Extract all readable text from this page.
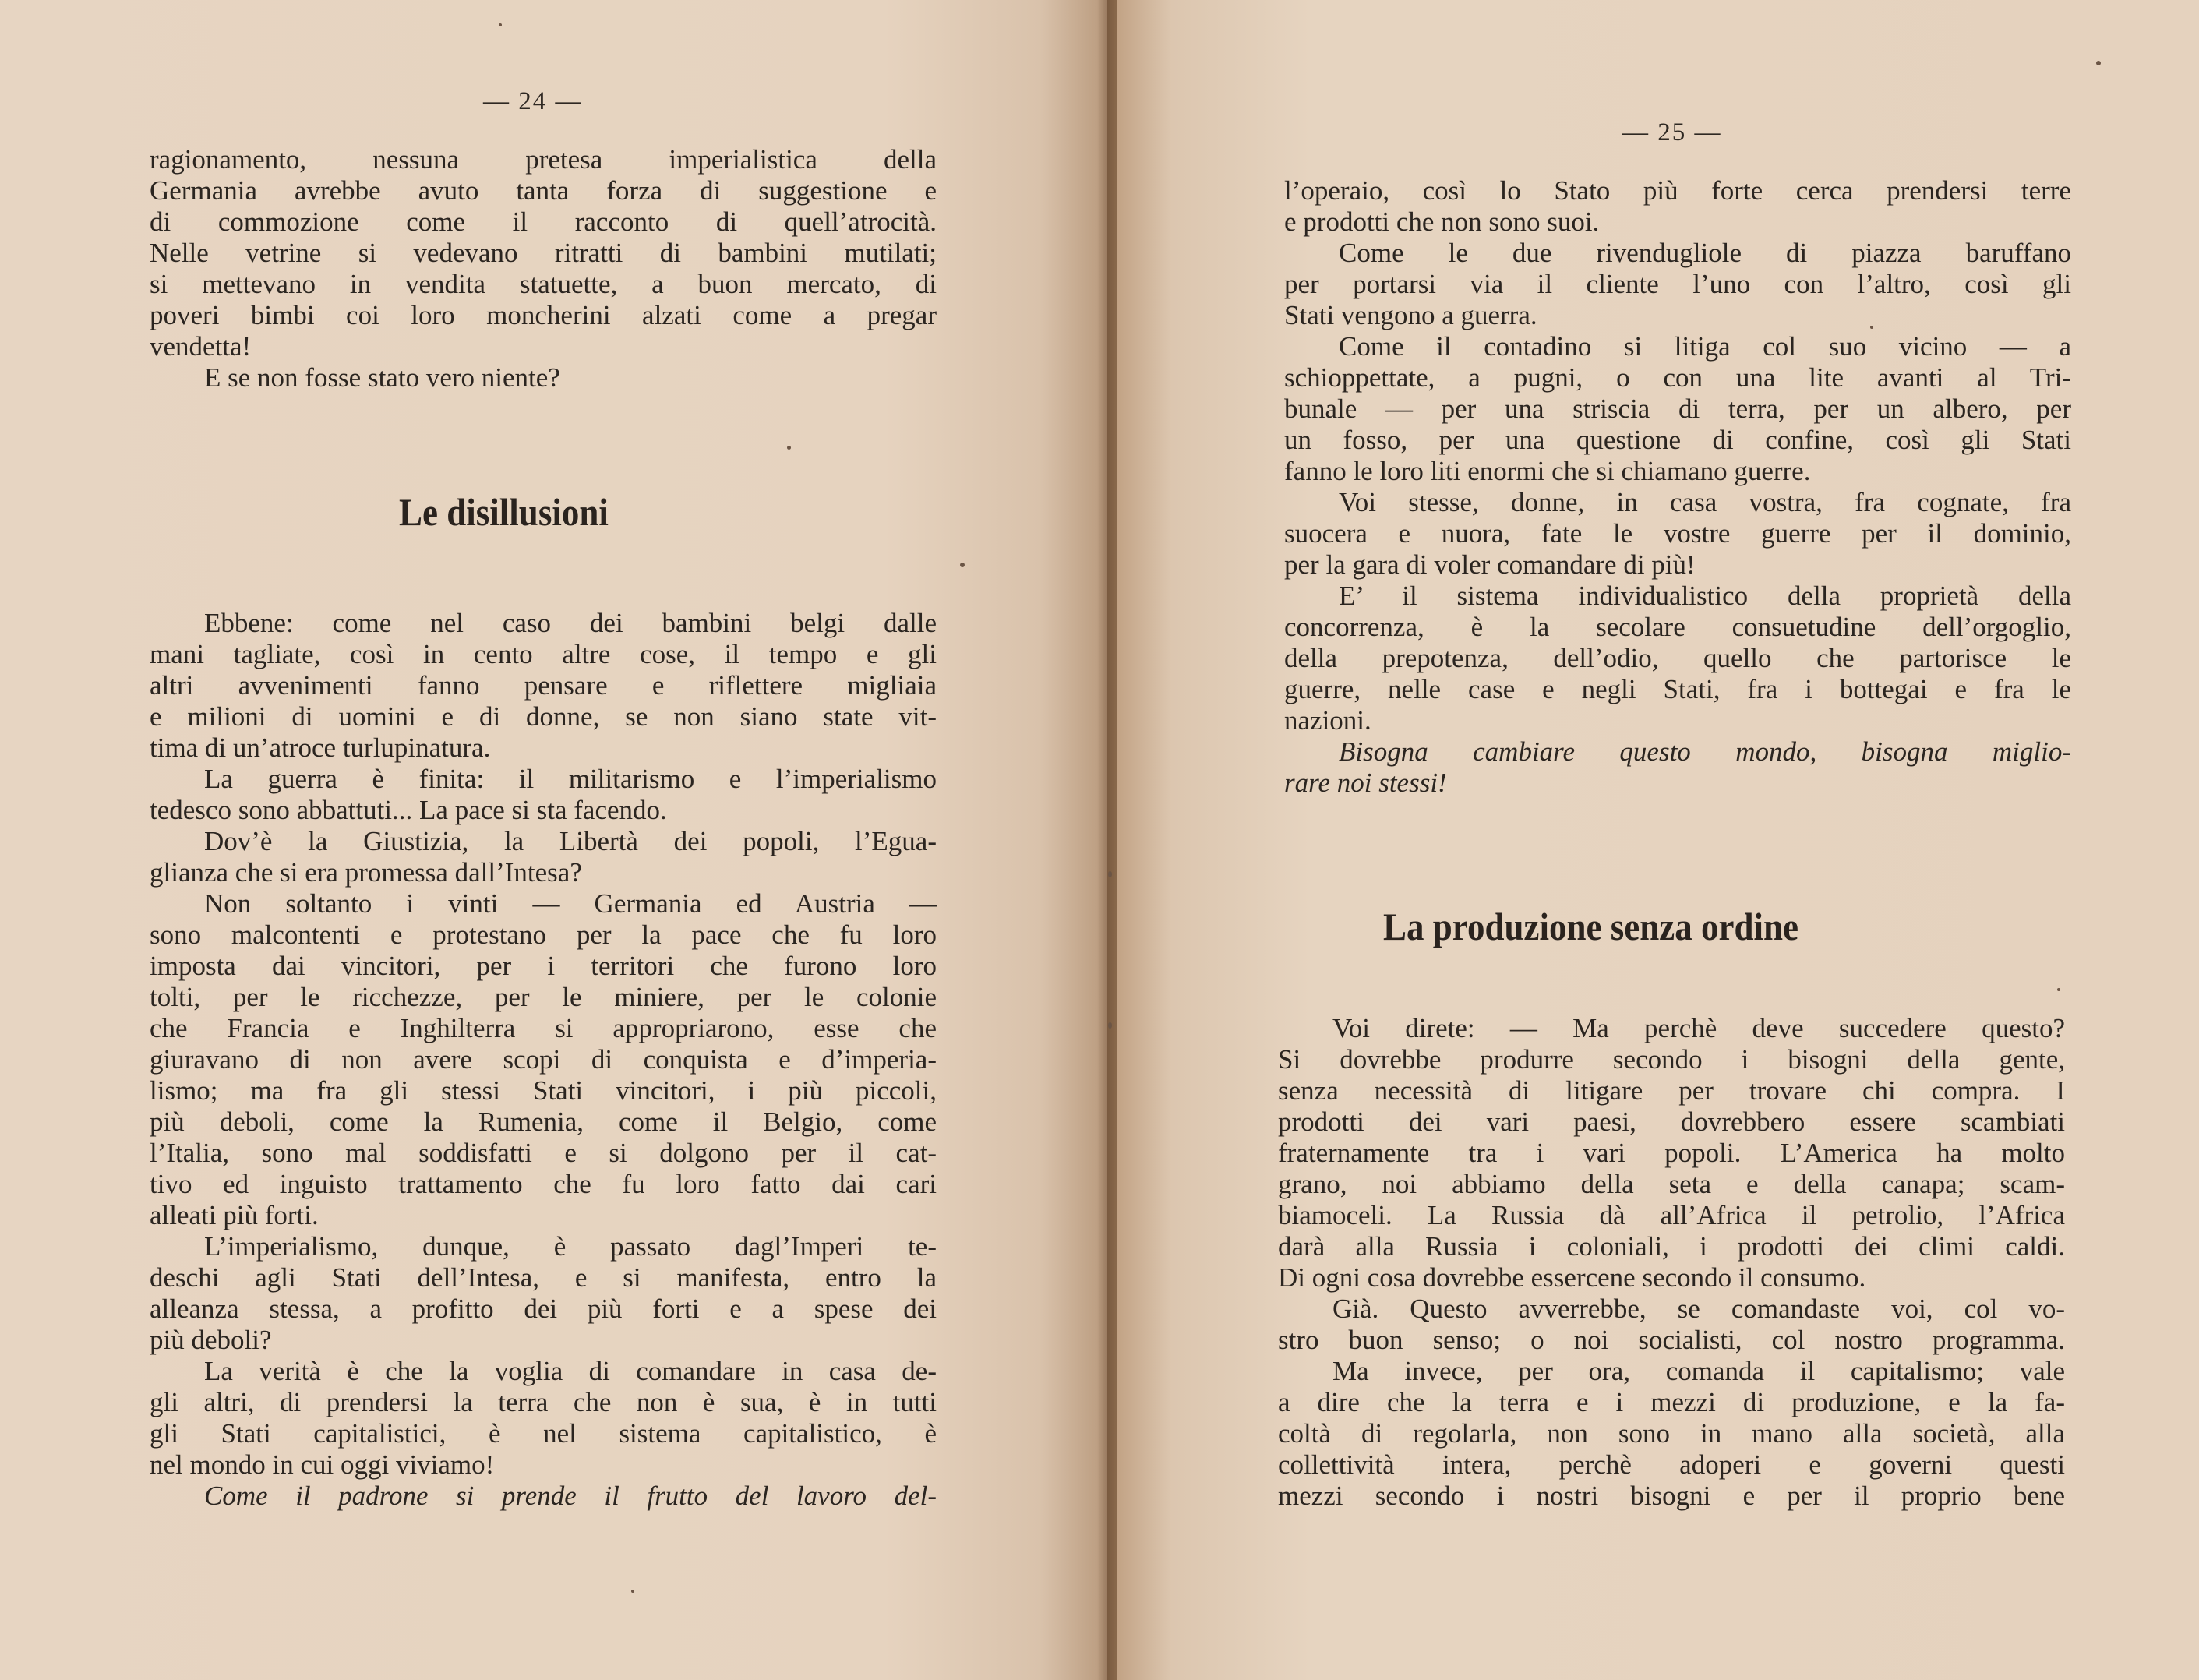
— 24 —
ragionamento, nessuna pretesa imperialistica della
Germania avrebbe avuto tanta forza di suggestione e
di commozione come il racconto di quell’atrocità.
Nelle vetrine si vedevano ritratti di bambini mutilati;
si mettevano in vendita statuette, a buon mercato, di
poveri bimbi coi loro moncherini alzati come a pregar
vendetta!
E se non fosse stato vero niente?
Le disillusioni
Ebbene: come nel caso dei bambini belgi dalle
mani tagliate, così in cento altre cose, il tempo e gli
altri avvenimenti fanno pensare e riflettere migliaia
e milioni di uomini e di donne, se non siano state vit-
tima di un’atroce turlupinatura.
La guerra è finita: il militarismo e l’imperialismo
tedesco sono abbattuti... La pace si sta facendo.
Dov’è la Giustizia, la Libertà dei popoli, l’Egua-
glianza che si era promessa dall’Intesa?
Non soltanto i vinti — Germania ed Austria —
sono malcontenti e protestano per la pace che fu loro
imposta dai vincitori, per i territori che furono loro
tolti, per le ricchezze, per le miniere, per le colonie
che Francia e Inghilterra si appropriarono, esse che
giuravano di non avere scopi di conquista e d’imperia-
lismo; ma fra gli stessi Stati vincitori, i più piccoli,
più deboli, come la Rumenia, come il Belgio, come
l’Italia, sono mal soddisfatti e si dolgono per il cat-
tivo ed inguisto trattamento che fu loro fatto dai cari
alleati più forti.
L’imperialismo, dunque, è passato dagl’Imperi te-
deschi agli Stati dell’Intesa, e si manifesta, entro la
alleanza stessa, a profitto dei più forti e a spese dei
più deboli?
La verità è che la voglia di comandare in casa de-
gli altri, di prendersi la terra che non è sua, è in tutti
gli Stati capitalistici, è nel sistema capitalistico, è
nel mondo in cui oggi viviamo!
Come il padrone si prende il frutto del lavoro del-
— 25 —
l’operaio, così lo Stato più forte cerca prendersi terre
e prodotti che non sono suoi.
Come le due rivendugliole di piazza baruffano
per portarsi via il cliente l’uno con l’altro, così gli
Stati vengono a guerra.
Come il contadino si litiga col suo vicino — a
schioppettate, a pugni, o con una lite avanti al Tri-
bunale — per una striscia di terra, per un albero, per
un fosso, per una questione di confine, così gli Stati
fanno le loro liti enormi che si chiamano guerre.
Voi stesse, donne, in casa vostra, fra cognate, fra
suocera e nuora, fate le vostre guerre per il dominio,
per la gara di voler comandare di più!
E’ il sistema individualistico della proprietà della
concorrenza, è la secolare consuetudine dell’orgoglio,
della prepotenza, dell’odio, quello che partorisce le
guerre, nelle case e negli Stati, fra i bottegai e fra le
nazioni.
Bisogna cambiare questo mondo, bisogna miglio-
rare noi stessi!
La produzione senza ordine
Voi direte: — Ma perchè deve succedere questo?
Si dovrebbe produrre secondo i bisogni della gente,
senza necessità di litigare per trovare chi compra. I
prodotti dei vari paesi, dovrebbero essere scambiati
fraternamente tra i vari popoli. L’America ha molto
grano, noi abbiamo della seta e della canapa; scam-
biamoceli. La Russia dà all’Africa il petrolio, l’Africa
darà alla Russia i coloniali, i prodotti dei climi caldi.
Di ogni cosa dovrebbe essercene secondo il consumo.
Già. Questo avverrebbe, se comandaste voi, col vo-
stro buon senso; o noi socialisti, col nostro programma.
Ma invece, per ora, comanda il capitalismo; vale
a dire che la terra e i mezzi di produzione, e la fa-
coltà di regolarla, non sono in mano alla società, alla
collettività intera, perchè adoperi e governi questi
mezzi secondo i nostri bisogni e per il proprio bene
